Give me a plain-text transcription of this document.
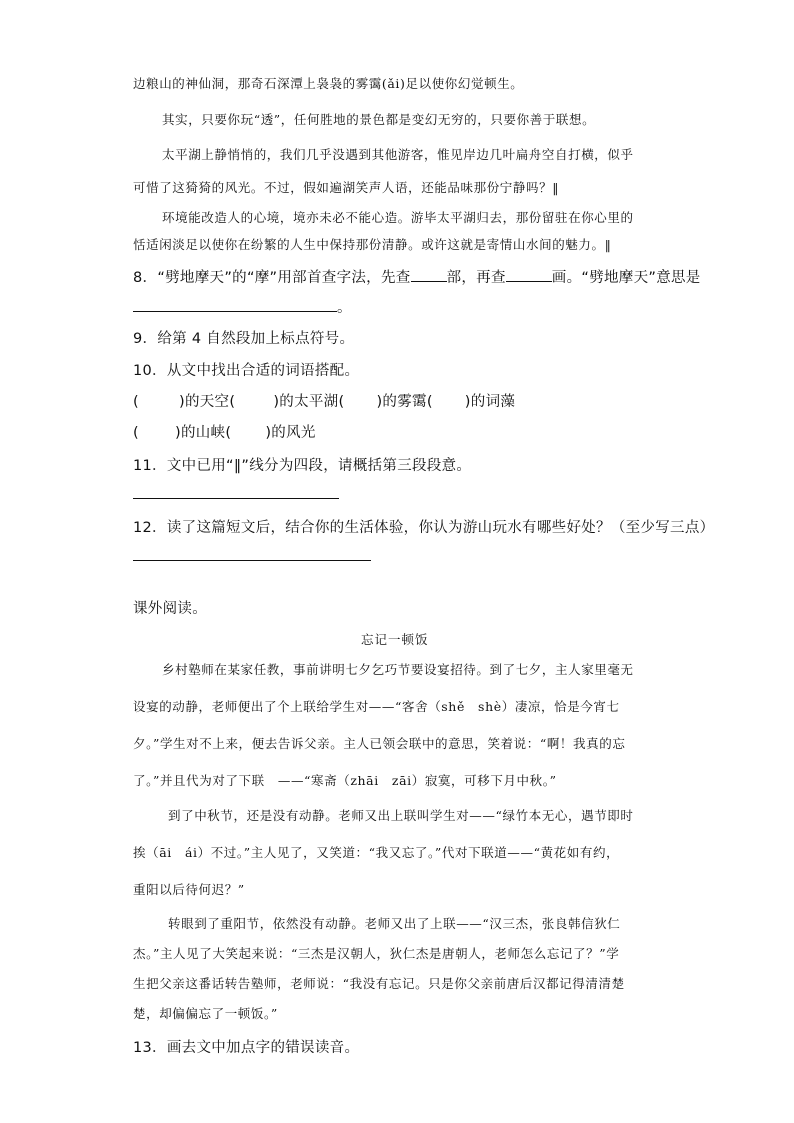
边粮山的神仙洞，那奇石深潭上袅袅的雾霭(ǎi)足以使你幻觉顿生。

其实，只要你玩“透”，任何胜地的景色都是变幻无穷的，只要你善于联想。

太平湖上静悄悄的，我们几乎没遇到其他游客，惟见岸边几叶扁舟空自打横，似乎

可惜了这猗猗的风光。不过，假如遍湖笑声人语，还能品味那份宁静吗？‖

环境能改造人的心境，境亦未必不能心造。游毕太平湖归去，那份留驻在你心里的

恬适闲淡足以使你在纷繁的人生中保持那份清静。或许这就是寄情山水间的魅力。‖

8．“劈地摩天”的“摩”用部首查字法，先查 部，再查	画。“劈地摩天”意思是

。

9．给第 4 自然段加上标点符号。

10．从文中找出合适的词语搭配。

(	)的天空(	)的太平湖( )的雾霭( )的词藻

( )的山峡( )的风光

11．文中已用“‖”线分为四段，请概括第三段段意。

12．读了这篇短文后，结合你的生活体验，你认为游山玩水有哪些好处？（至少写三点）

课外阅读。

忘记一顿饭

乡村塾师在某家任教，事前讲明七夕乞巧节要设宴招待。到了七夕，主人家里毫无

设宴的动静，老师便出了个上联给学生对——“客舍（shě　shè）凄凉，恰是今宵七

夕。”学生对不上来，便去告诉父亲。主人已领会联中的意思，笑着说：“啊！我真的忘

了。”并且代为对了下联　——“寒斋（zhāi　zāi）寂寞，可移下月中秋。”

到了中秋节，还是没有动静。老师又出上联叫学生对——“绿竹本无心，遇节即时

挨（āi　ái）不过。”主人见了，又笑道：“我又忘了。”代对下联道——“黄花如有约，

重阳以后待何迟？”

转眼到了重阳节，依然没有动静。老师又出了上联——“汉三杰，张良韩信狄仁

杰。”主人见了大笑起来说：“三杰是汉朝人，狄仁杰是唐朝人，老师怎么忘记了？”学

生把父亲这番话转告塾师，老师说：“我没有忘记。只是你父亲前唐后汉都记得清清楚

楚，却偏偏忘了一顿饭。”

13．画去文中加点字的错误读音。
